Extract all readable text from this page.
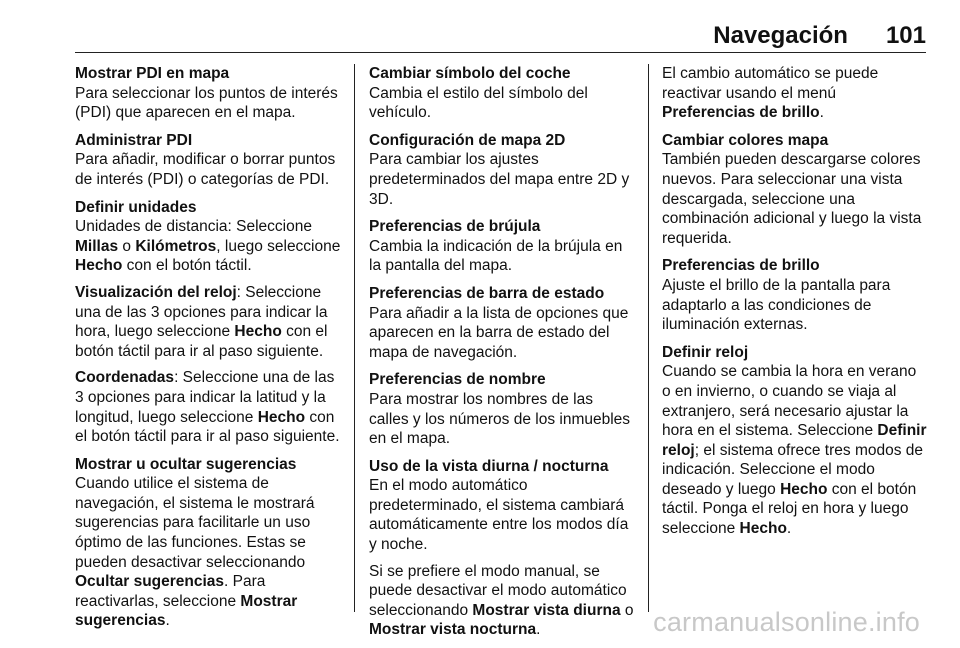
Navegación 101
Mostrar PDI en mapa

Para seleccionar los puntos de interés (PDI) que aparecen en el mapa.

Administrar PDI

Para añadir, modificar o borrar puntos de interés (PDI) o categorías de PDI.

Definir unidades

Unidades de distancia: Seleccione Millas o Kilómetros, luego seleccione Hecho con el botón táctil.

Visualización del reloj: Seleccione una de las 3 opciones para indicar la hora, luego seleccione Hecho con el botón táctil para ir al paso siguiente.

Coordenadas: Seleccione una de las 3 opciones para indicar la latitud y la longitud, luego seleccione Hecho con el botón táctil para ir al paso siguiente.

Mostrar u ocultar sugerencias

Cuando utilice el sistema de navegación, el sistema le mostrará sugerencias para facilitarle un uso óptimo de las funciones. Estas se pueden desactivar seleccionando Ocultar sugerencias. Para reactivarlas, seleccione Mostrar sugerencias.

Cambiar símbolo del coche

Cambia el estilo del símbolo del vehículo.

Configuración de mapa 2D

Para cambiar los ajustes predeterminados del mapa entre 2D y 3D.

Preferencias de brújula

Cambia la indicación de la brújula en la pantalla del mapa.

Preferencias de barra de estado

Para añadir a la lista de opciones que aparecen en la barra de estado del mapa de navegación.

Preferencias de nombre

Para mostrar los nombres de las calles y los números de los inmuebles en el mapa.

Uso de la vista diurna / nocturna

En el modo automático predeterminado, el sistema cambiará automáticamente entre los modos día y noche.

Si se prefiere el modo manual, se puede desactivar el modo automático seleccionando Mostrar vista diurna o Mostrar vista nocturna.

El cambio automático se puede reactivar usando el menú Preferencias de brillo.

Cambiar colores mapa

También pueden descargarse colores nuevos. Para seleccionar una vista descargada, seleccione una combinación adicional y luego la vista requerida.

Preferencias de brillo

Ajuste el brillo de la pantalla para adaptarlo a las condiciones de iluminación externas.

Definir reloj

Cuando se cambia la hora en verano o en invierno, o cuando se viaja al extranjero, será necesario ajustar la hora en el sistema. Seleccione Definir reloj; el sistema ofrece tres modos de indicación. Seleccione el modo deseado y luego Hecho con el botón táctil. Ponga el reloj en hora y luego seleccione Hecho.

carmanualsonline.info
